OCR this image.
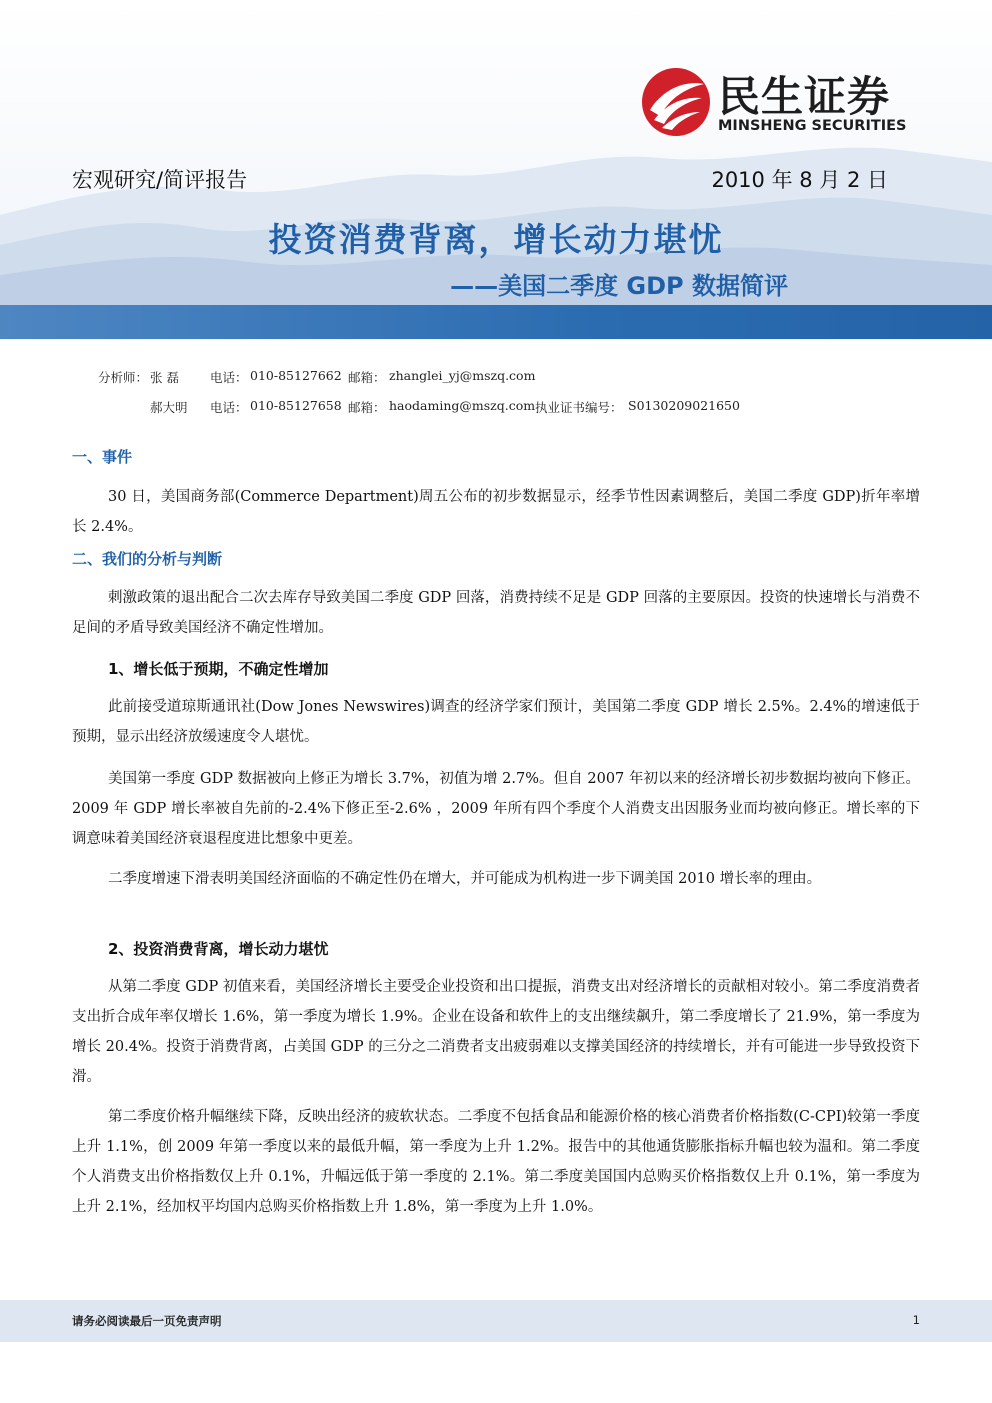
民生证券
MINSHENG SECURITIES
宏观研究/简评报告	2010 年 8 月 2 日
投资消费背离，增长动力堪忧
——美国二季度 GDP 数据简评
分析师： 张 磊 电话： 010-85127662 邮箱： zhanglei_yj@mszq.com
郝大明 电话： 010-85127658 邮箱： haodaming@mszq.com 执业证书编号： S0130209021650
一、事件
30 日，美国商务部(Commerce Department)周五公布的初步数据显示，经季节性因素调整后，美国二季度 GDP)折年率增长 2.4%。
二、我们的分析与判断
刺激政策的退出配合二次去库存导致美国二季度 GDP 回落，消费持续不足是 GDP 回落的主要原因。投资的快速增长与消费不足间的矛盾导致美国经济不确定性增加。
1、增长低于预期，不确定性增加
此前接受道琼斯通讯社(Dow Jones Newswires)调查的经济学家们预计，美国第二季度 GDP 增长 2.5%。2.4%的增速低于预期，显示出经济放缓速度令人堪忧。
美国第一季度 GDP 数据被向上修正为增长 3.7%，初值为增 2.7%。但自 2007 年初以来的经济增长初步数据均被向下修正。2009 年 GDP 增长率被自先前的-2.4%下修正至-2.6% ，2009 年所有四个季度个人消费支出因服务业而均被向修正。增长率的下调意味着美国经济衰退程度进比想象中更差。
二季度增速下滑表明美国经济面临的不确定性仍在增大，并可能成为机构进一步下调美国 2010 增长率的理由。
2、投资消费背离，增长动力堪忧
从第二季度 GDP 初值来看，美国经济增长主要受企业投资和出口提振，消费支出对经济增长的贡献相对较小。第二季度消费者支出折合成年率仅增长 1.6%，第一季度为增长 1.9%。企业在设备和软件上的支出继续飙升，第二季度增长了 21.9%，第一季度为增长 20.4%。投资于消费背离，占美国 GDP 的三分之二消费者支出疲弱难以支撑美国经济的持续增长，并有可能进一步导致投资下滑。
第二季度价格升幅继续下降，反映出经济的疲软状态。二季度不包括食品和能源价格的核心消费者价格指数(C-CPI)较第一季度上升 1.1%，创 2009 年第一季度以来的最低升幅，第一季度为上升 1.2%。报告中的其他通货膨胀指标升幅也较为温和。第二季度个人消费支出价格指数仅上升 0.1%，升幅远低于第一季度的 2.1%。第二季度美国国内总购买价格指数仅上升 0.1%，第一季度为上升 2.1%，经加权平均国内总购买价格指数上升 1.8%，第一季度为上升 1.0%。
请务必阅读最后一页免责声明	1
